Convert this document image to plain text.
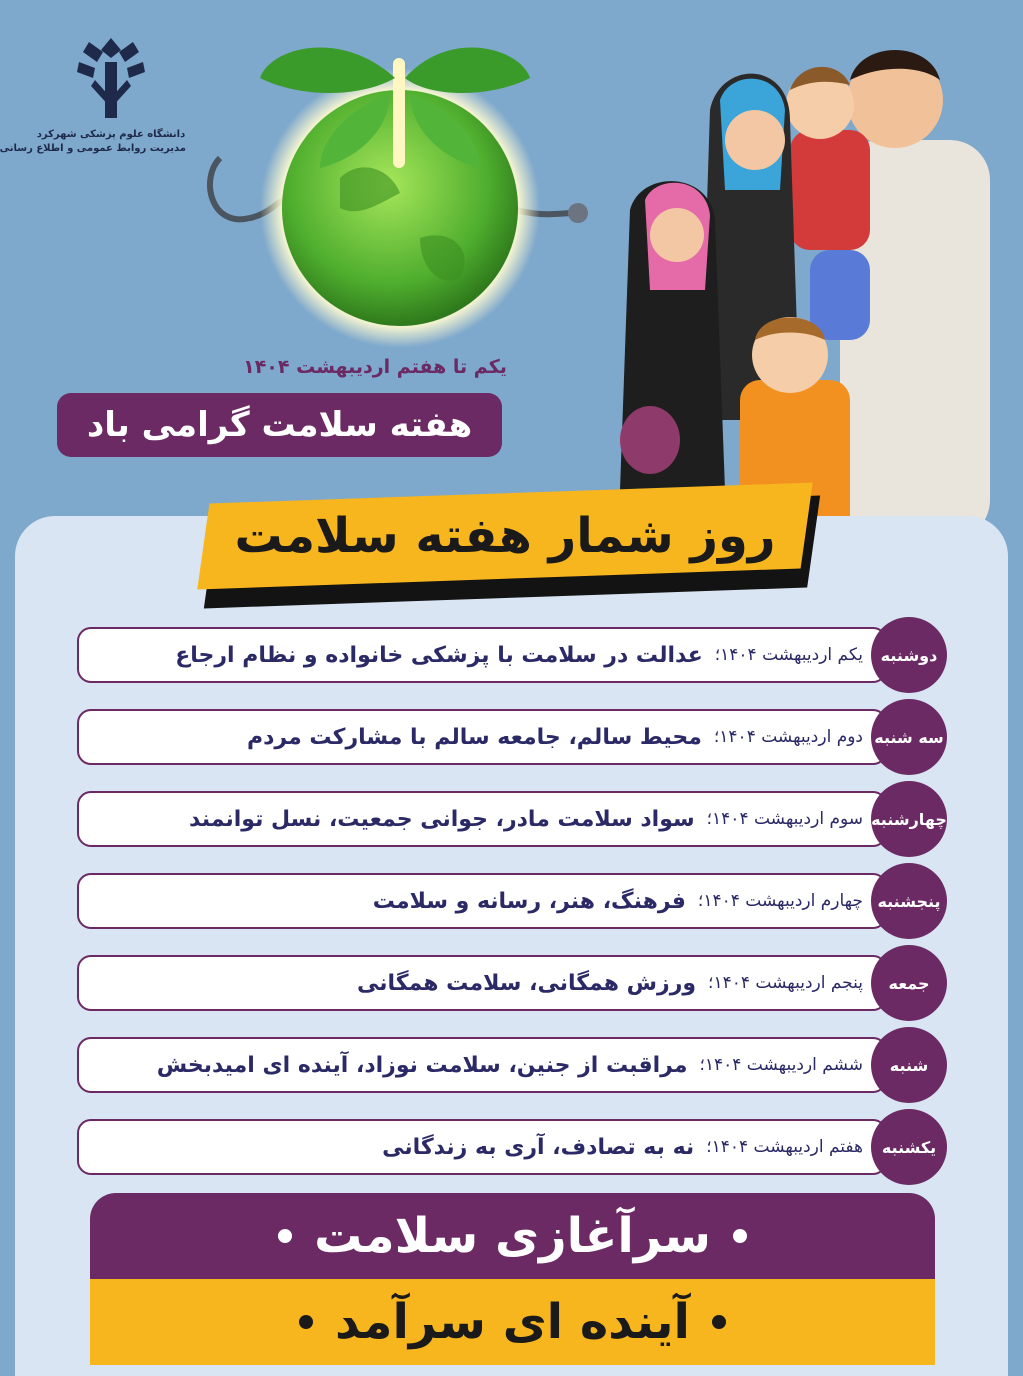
دانشگاه علوم پزشکی شهرکرد
مدیریت روابط عمومی و اطلاع رسانی
یکم تا هفتم اردیبهشت ۱۴۰۴
هفته سلامت گرامی باد
روز شمار هفته سلامت
دوشنبه
یکم اردیبهشت ۱۴۰۴؛
عدالت در سلامت با پزشکی خانواده و نظام ارجاع
سه شنبه
دوم اردیبهشت ۱۴۰۴؛
محیط سالم، جامعه سالم با مشارکت مردم
چهارشنبه
سوم اردیبهشت ۱۴۰۴؛
سواد سلامت مادر، جوانی جمعیت، نسل توانمند
پنجشنبه
چهارم اردیبهشت ۱۴۰۴؛
فرهنگ، هنر، رسانه و سلامت
جمعه
پنجم اردیبهشت ۱۴۰۴؛
ورزش همگانی، سلامت همگانی
شنبه
ششم اردیبهشت ۱۴۰۴؛
مراقبت از جنین، سلامت نوزاد، آینده ای امیدبخش
یکشنبه
هفتم اردیبهشت ۱۴۰۴؛
نه به تصادف، آری به زندگانی
سرآغازی سلامت
آینده ای سرآمد
